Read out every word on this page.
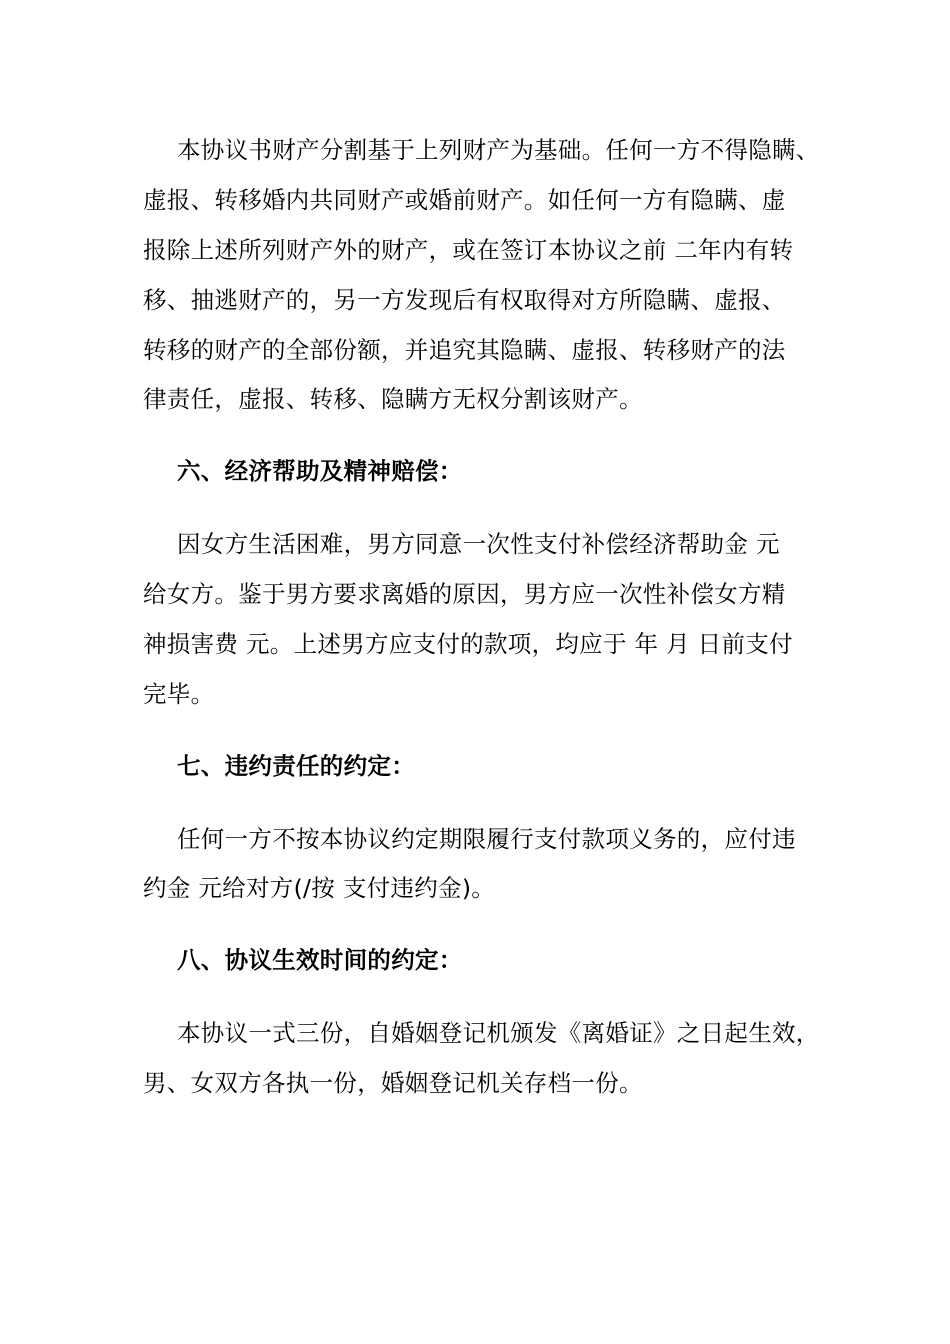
本协议书财产分割基于上列财产为基础。任何一方不得隐瞒、
虚报、转移婚内共同财产或婚前财产。如任何一方有隐瞒、虚
报除上述所列财产外的财产，或在签订本协议之前 二年内有转
移、抽逃财产的，另一方发现后有权取得对方所隐瞒、虚报、
转移的财产的全部份额，并追究其隐瞒、虚报、转移财产的法
律责任，虚报、转移、隐瞒方无权分割该财产。
六、经济帮助及精神赔偿：
因女方生活困难，男方同意一次性支付补偿经济帮助金 元
给女方。鉴于男方要求离婚的原因，男方应一次性补偿女方精
神损害费 元。上述男方应支付的款项，均应于 年 月 日前支付
完毕。
七、违约责任的约定：
任何一方不按本协议约定期限履行支付款项义务的，应付违
约金 元给对方(/按 支付违约金)。
八、协议生效时间的约定：
本协议一式三份，自婚姻登记机颁发《离婚证》之日起生效，
男、女双方各执一份，婚姻登记机关存档一份。
